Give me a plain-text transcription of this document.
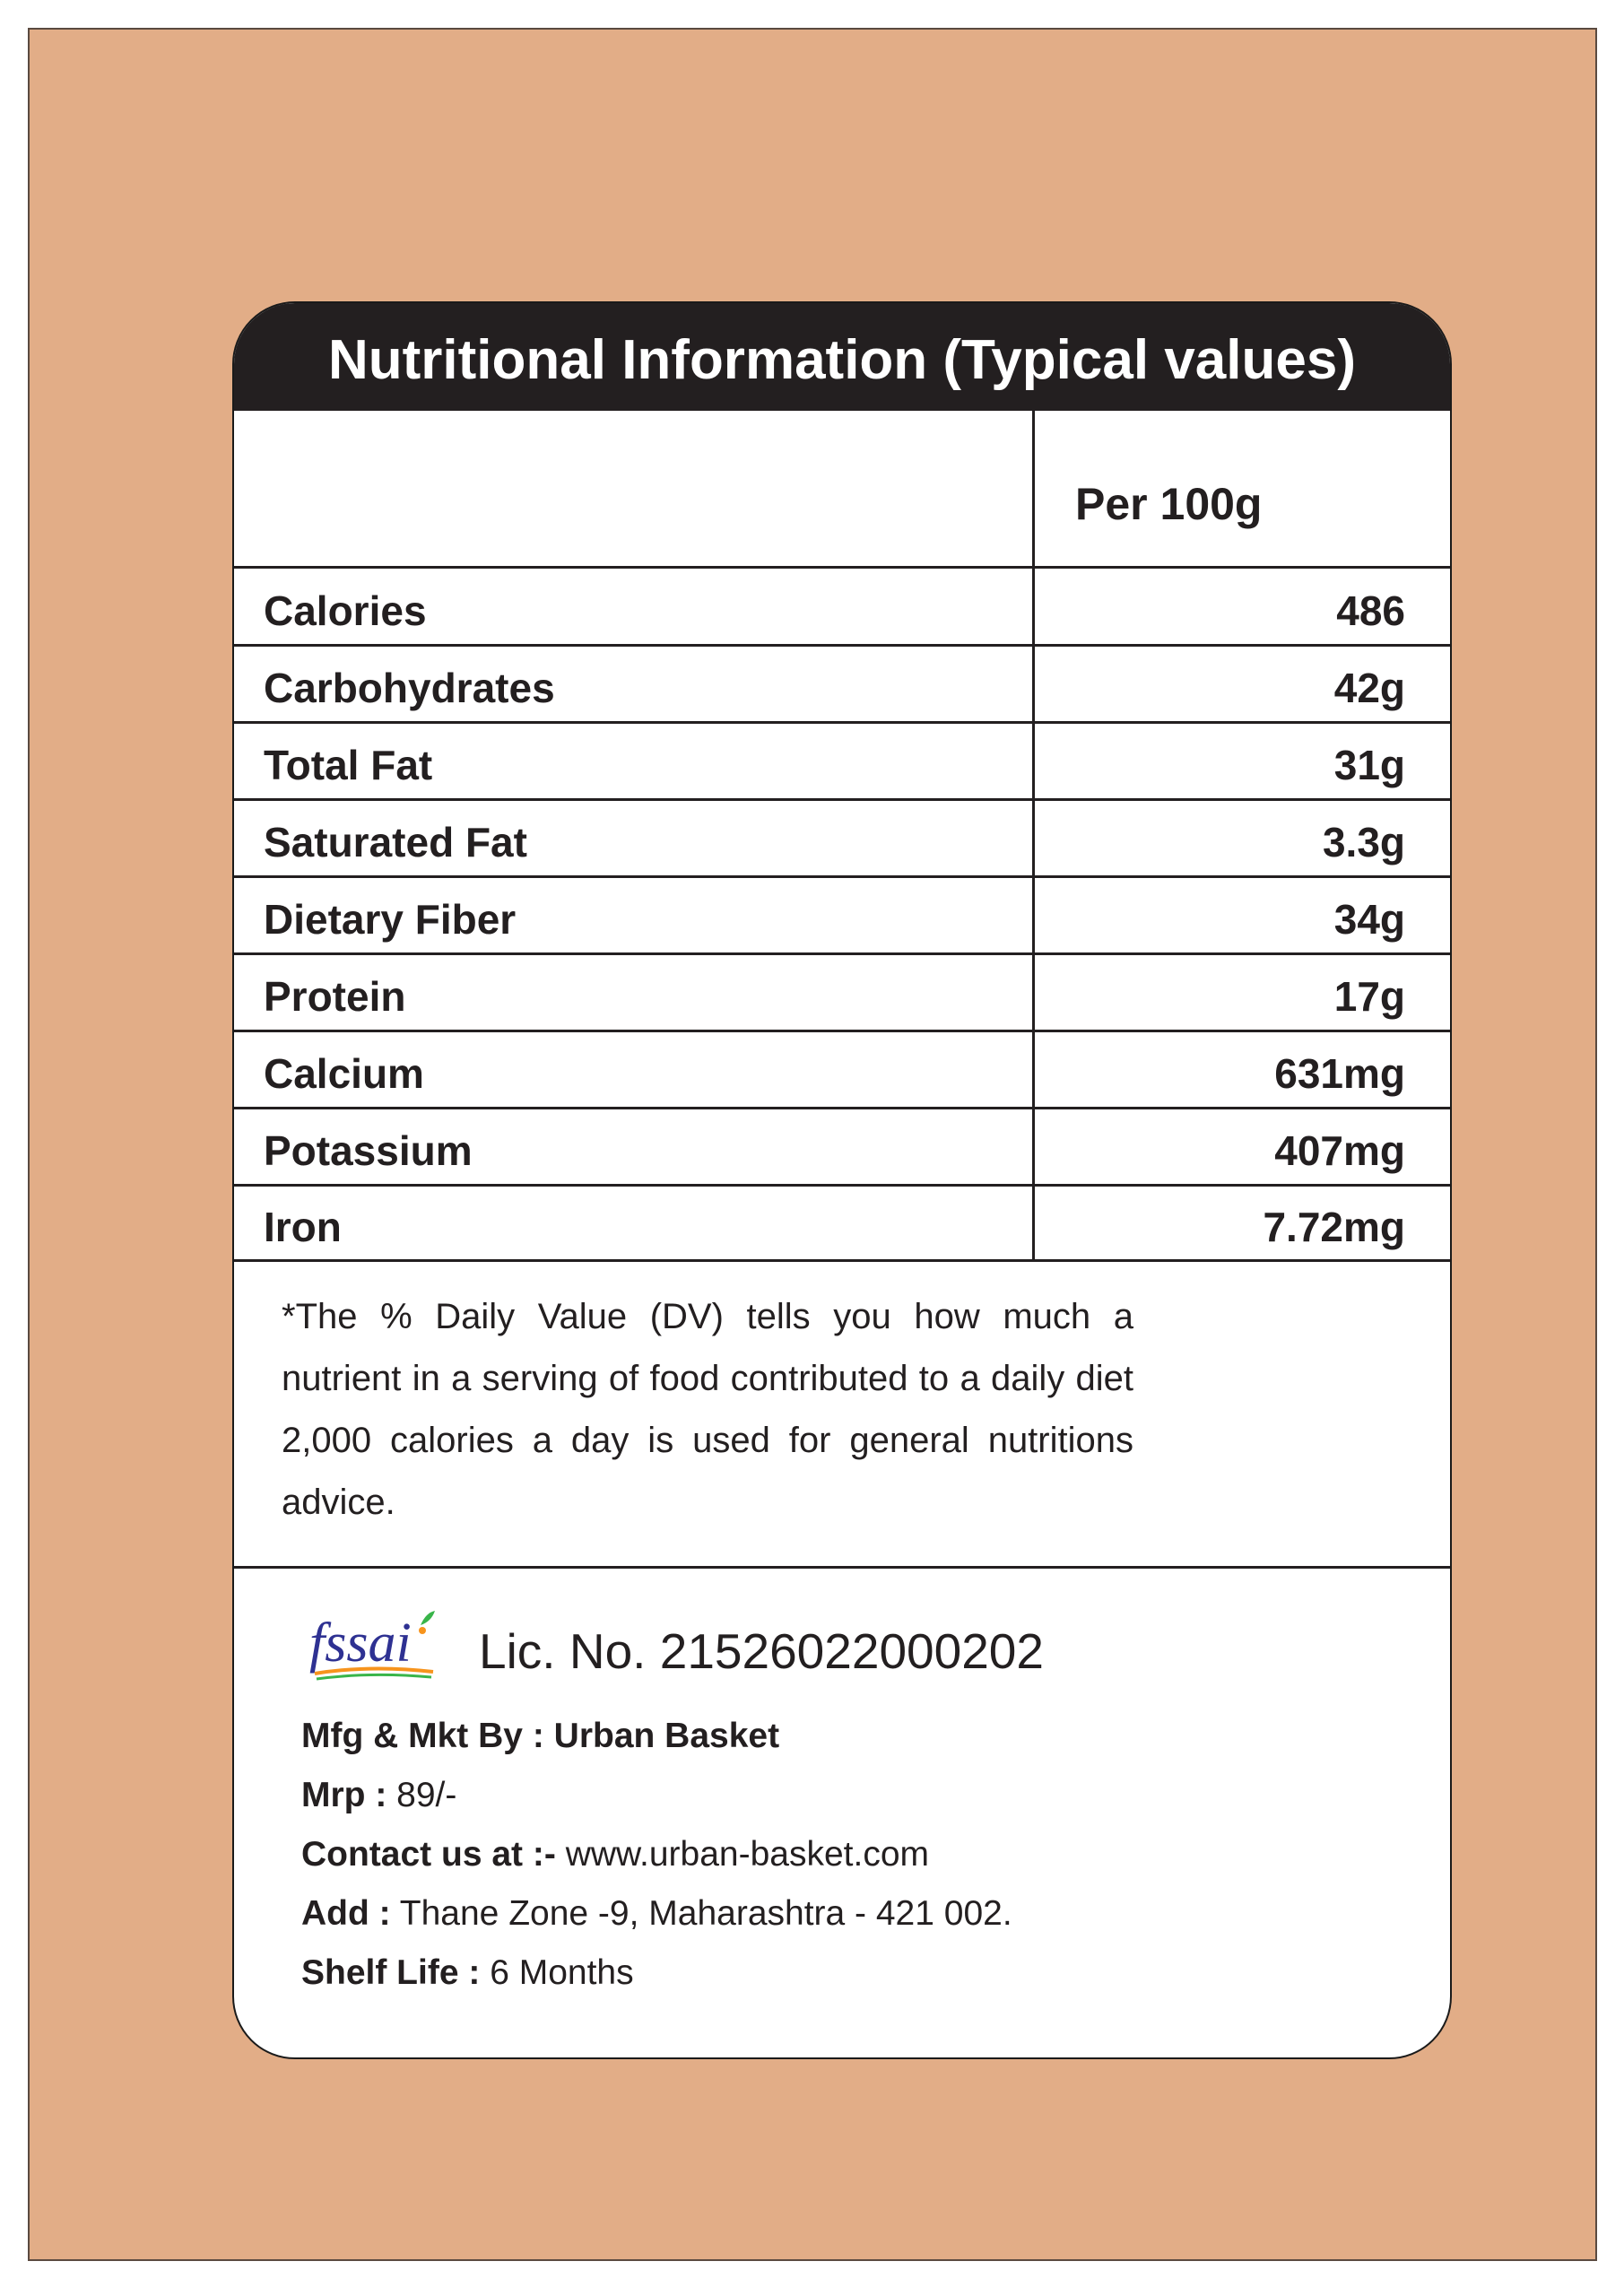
Nutritional Information (Typical values)
Per 100g
Calories	486
Carbohydrates	42g
Total Fat	31g
Saturated Fat	3.3g
Dietary Fiber	34g
Protein	17g
Calcium	631mg
Potassium	407mg
Iron	7.72mg
*The % Daily Value (DV) tells you how much a nutrient in a serving of food contributed to a daily diet 2,000 calories a day is used for general nutritions advice.
fssai Lic. No. 21526022000202
Mfg & Mkt By : Urban Basket
Mrp : 89/-
Contact us at :- www.urban-basket.com
Add : Thane Zone -9, Maharashtra - 421 002.
Shelf Life : 6 Months
